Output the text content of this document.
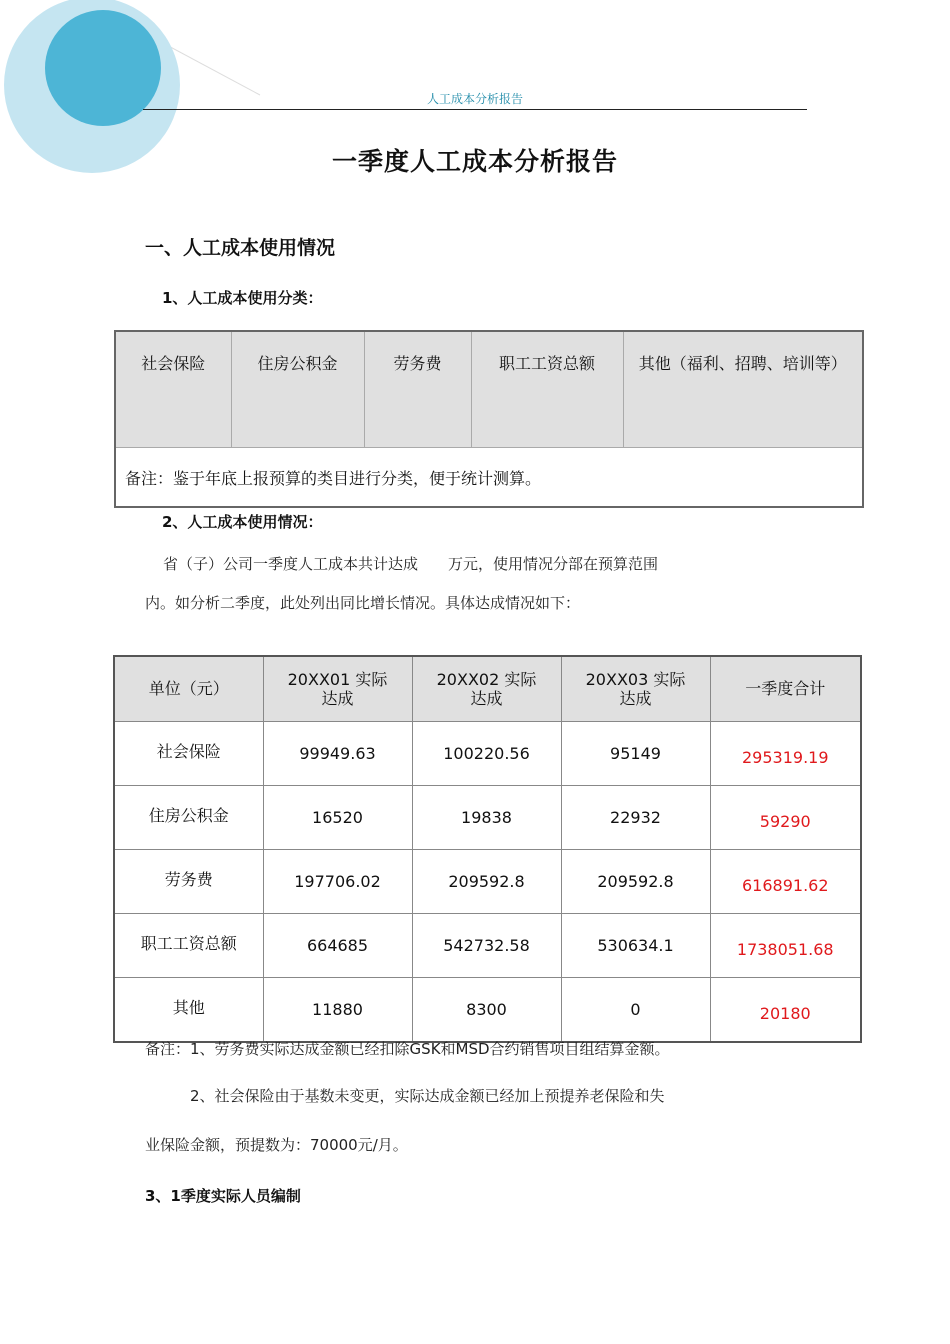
人工成本分析报告
一季度人工成本分析报告
一、人工成本使用情况
1、人工成本使用分类：
社会保险	住房公积金	劳务费	职工工资总额	其他（福利、招聘、培训等）
备注：鉴于年底上报预算的类目进行分类，便于统计测算。
2、人工成本使用情况：
省（子）公司一季度人工成本共计达成　　万元，使用情况分部在预算范围
内。如分析二季度，此处列出同比增长情况。具体达成情况如下：
单位（元）	20XX01 实际达成	20XX02 实际达成	20XX03 实际达成	一季度合计
社会保险	99949.63	100220.56	95149	295319.19
住房公积金	16520	19838	22932	59290
劳务费	197706.02	209592.8	209592.8	616891.62
职工工资总额	664685	542732.58	530634.1	1738051.68
其他	11880	8300	0	20180
备注：1、劳务费实际达成金额已经扣除GSK和MSD合约销售项目组结算金额。
2、社会保险由于基数未变更，实际达成金额已经加上预提养老保险和失
业保险金额，预提数为：70000元/月。
3、1季度实际人员编制
